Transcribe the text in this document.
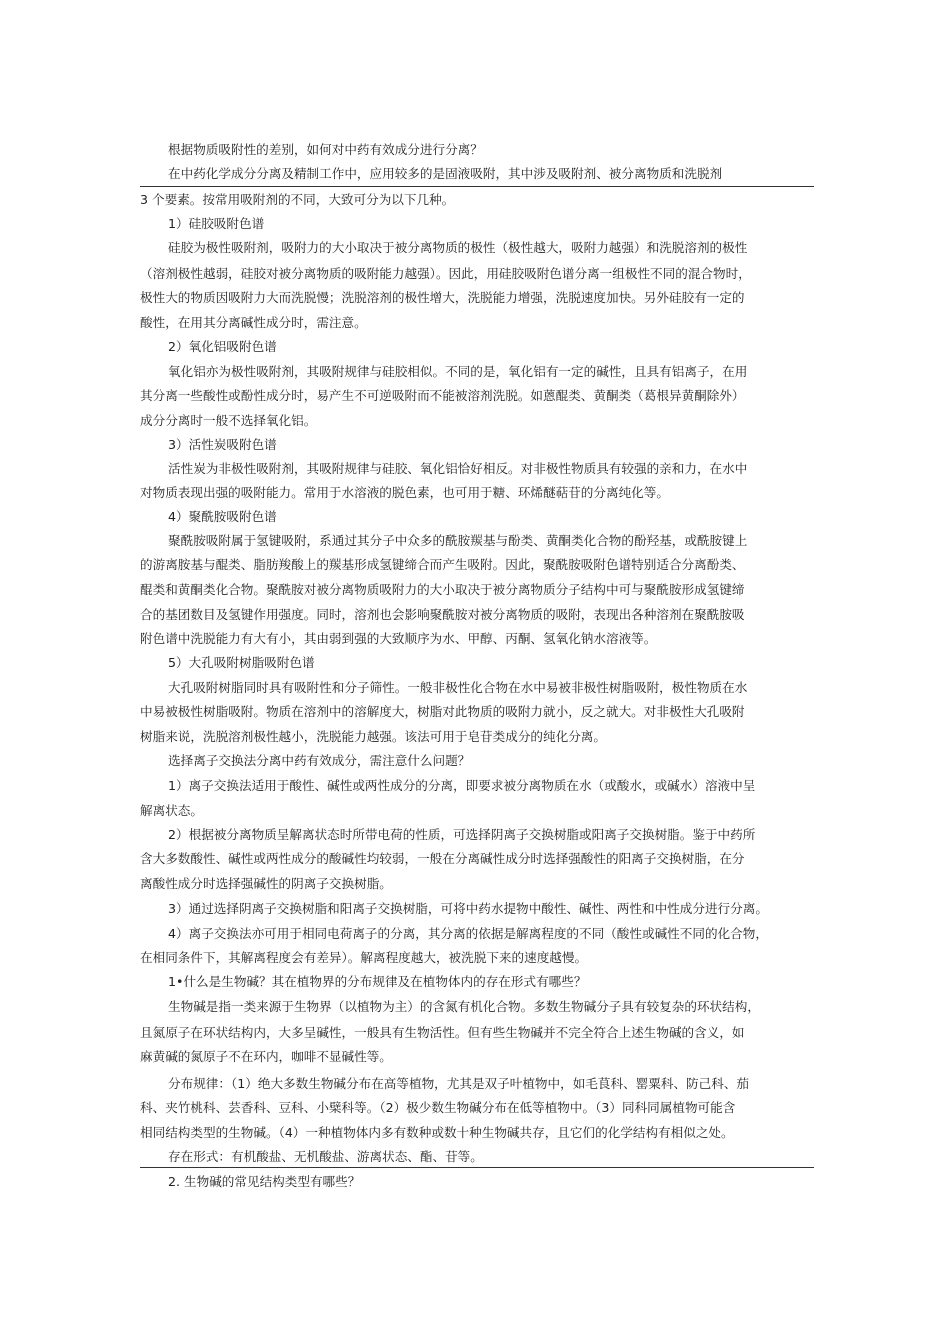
根据物质吸附性的差别，如何对中药有效成分进行分离？
在中药化学成分分离及精制工作中，应用较多的是固液吸附，其中涉及吸附剂、被分离物质和洗脱剂
3 个要素。按常用吸附剂的不同，大致可分为以下几种。
1）硅胶吸附色谱
硅胶为极性吸附剂，吸附力的大小取决于被分离物质的极性（极性越大，吸附力越强）和洗脱溶剂的极性
（溶剂极性越弱，硅胶对被分离物质的吸附能力越强）。因此，用硅胶吸附色谱分离一组极性不同的混合物时，
极性大的物质因吸附力大而洗脱慢；洗脱溶剂的极性增大，洗脱能力增强，洗脱速度加快。另外硅胶有一定的
酸性，在用其分离碱性成分时，需注意。
2）氧化铝吸附色谱
氧化铝亦为极性吸附剂，其吸附规律与硅胶相似。不同的是，氧化铝有一定的碱性，且具有铝离子，在用
其分离一些酸性或酚性成分时，易产生不可逆吸附而不能被溶剂洗脱。如蒽醌类、黄酮类（葛根异黄酮除外）
成分分离时一般不选择氧化铝。
3）活性炭吸附色谱
活性炭为非极性吸附剂，其吸附规律与硅胶、氧化铝恰好相反。对非极性物质具有较强的亲和力，在水中
对物质表现出强的吸附能力。常用于水溶液的脱色素，也可用于糖、环烯醚萜苷的分离纯化等。
4）聚酰胺吸附色谱
聚酰胺吸附属于氢键吸附，系通过其分子中众多的酰胺羰基与酚类、黄酮类化合物的酚羟基，或酰胺键上
的游离胺基与醌类、脂肪羧酸上的羰基形成氢键缔合而产生吸附。因此，聚酰胺吸附色谱特别适合分离酚类、
醌类和黄酮类化合物。聚酰胺对被分离物质吸附力的大小取决于被分离物质分子结构中可与聚酰胺形成氢键缔
合的基团数目及氢键作用强度。同时，溶剂也会影响聚酰胺对被分离物质的吸附，表现出各种溶剂在聚酰胺吸
附色谱中洗脱能力有大有小，其由弱到强的大致顺序为水、甲醇、丙酮、氢氧化钠水溶液等。
5）大孔吸附树脂吸附色谱
大孔吸附树脂同时具有吸附性和分子筛性。一般非极性化合物在水中易被非极性树脂吸附，极性物质在水
中易被极性树脂吸附。物质在溶剂中的溶解度大，树脂对此物质的吸附力就小，反之就大。对非极性大孔吸附
树脂来说，洗脱溶剂极性越小，洗脱能力越强。该法可用于皂苷类成分的纯化分离。
选择离子交换法分离中药有效成分，需注意什么问题？
1）离子交换法适用于酸性、碱性或两性成分的分离，即要求被分离物质在水（或酸水，或碱水）溶液中呈
解离状态。
2）根据被分离物质呈解离状态时所带电荷的性质，可选择阴离子交换树脂或阳离子交换树脂。鉴于中药所
含大多数酸性、碱性或两性成分的酸碱性均较弱，一般在分离碱性成分时选择强酸性的阳离子交换树脂，在分
离酸性成分时选择强碱性的阴离子交换树脂。
3）通过选择阴离子交换树脂和阳离子交换树脂，可将中药水提物中酸性、碱性、两性和中性成分进行分离。
4）离子交换法亦可用于相同电荷离子的分离，其分离的依据是解离程度的不同（酸性或碱性不同的化合物，
在相同条件下，其解离程度会有差异）。解离程度越大，被洗脱下来的速度越慢。
1•什么是生物碱？其在植物界的分布规律及在植物体内的存在形式有哪些？
生物碱是指一类来源于生物界（以植物为主）的含氮有机化合物。多数生物碱分子具有较复杂的环状结构，
且氮原子在环状结构内，大多呈碱性，一般具有生物活性。但有些生物碱并不完全符合上述生物碱的含义，如
麻黄碱的氮原子不在环内，咖啡不显碱性等。
分布规律：（1）绝大多数生物碱分布在高等植物，尤其是双子叶植物中，如毛茛科、罂粟科、防己科、茄
科、夹竹桃科、芸香科、豆科、小檗科等。（2）极少数生物碱分布在低等植物中。（3）同科同属植物可能含
相同结构类型的生物碱。（4）一种植物体内多有数种或数十种生物碱共存，且它们的化学结构有相似之处。
存在形式：有机酸盐、无机酸盐、游离状态、酯、苷等。
2. 生物碱的常见结构类型有哪些？
